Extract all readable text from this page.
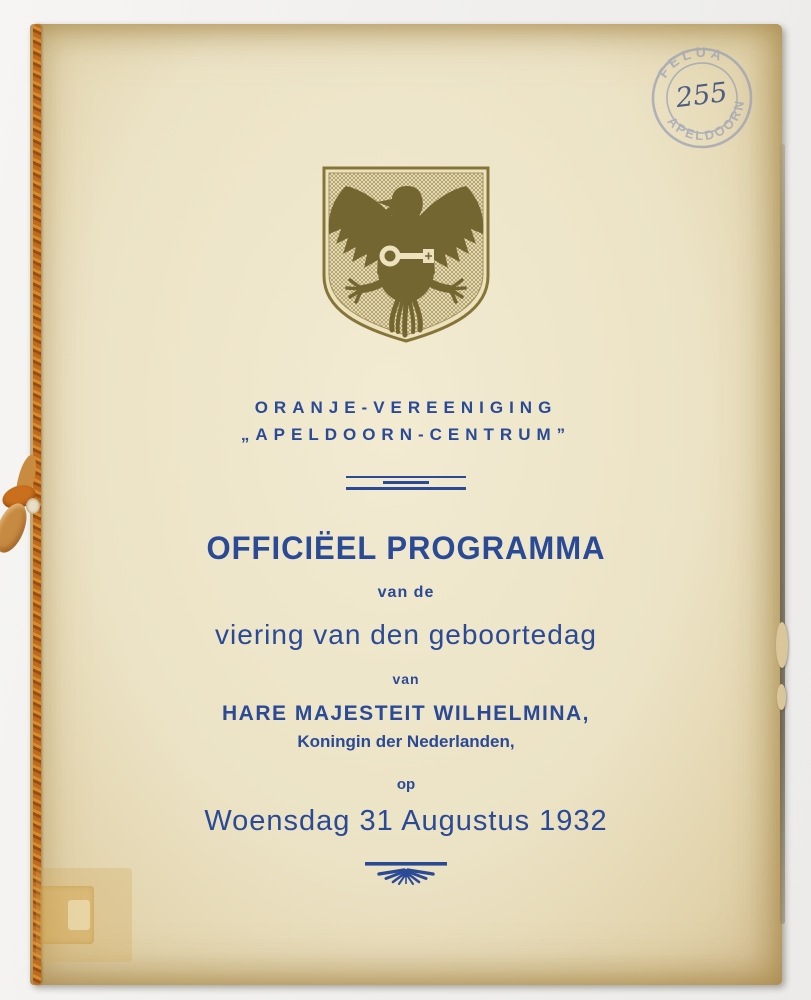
FELUA
APELDOORN
255
ORANJE-VEREENIGING
„APELDOORN-CENTRUM”
OFFICIËEL PROGRAMMA
van de
viering van den geboortedag
van
HARE MAJESTEIT WILHELMINA,
Koningin der Nederlanden,
op
Woensdag 31 Augustus 1932
